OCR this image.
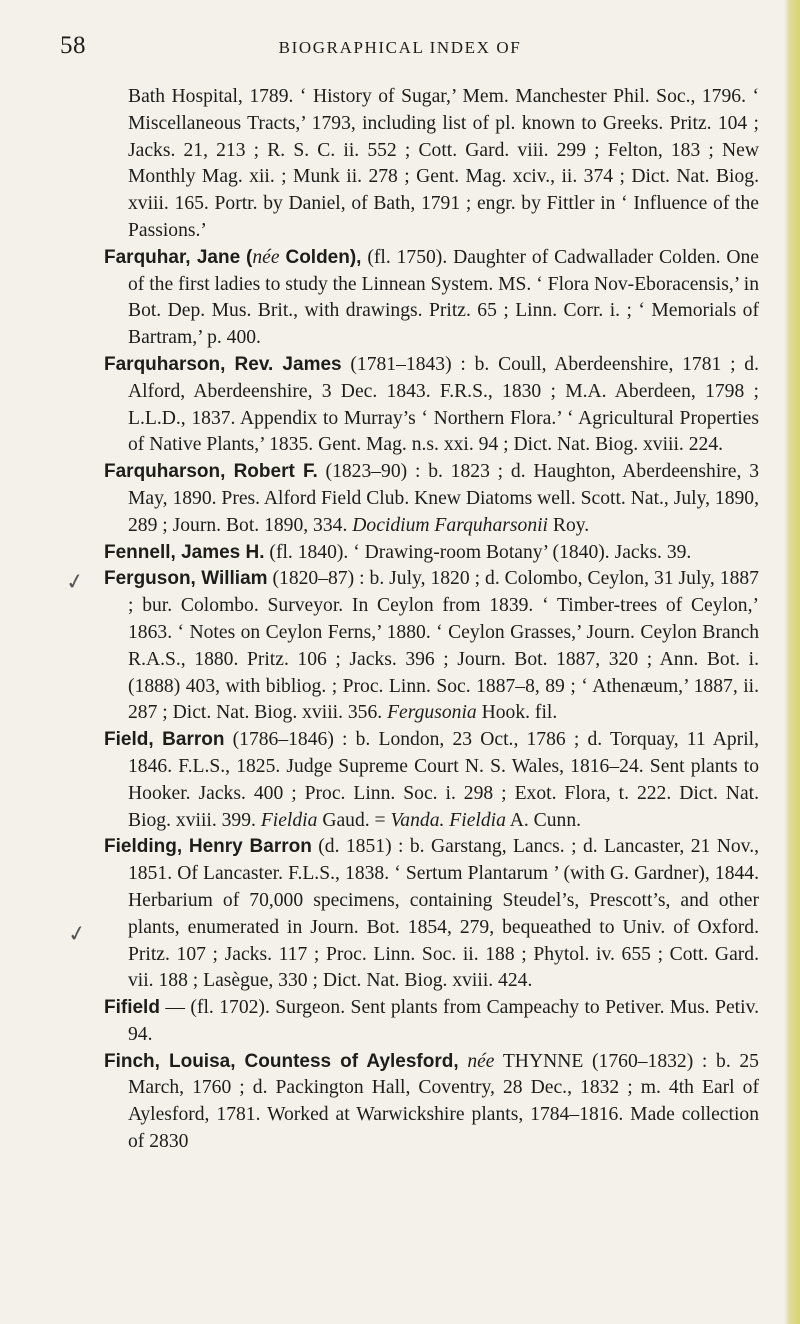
58	BIOGRAPHICAL INDEX OF
✓
✓
Bath Hospital, 1789. ‘ History of Sugar,’ Mem. Manchester Phil. Soc., 1796. ‘ Miscellaneous Tracts,’ 1793, including list of pl. known to Greeks. Pritz. 104 ; Jacks. 21, 213 ; R. S. C. ii. 552 ; Cott. Gard. viii. 299 ; Felton, 183 ; New Monthly Mag. xii. ; Munk ii. 278 ; Gent. Mag. xciv., ii. 374 ; Dict. Nat. Biog. xviii. 165. Portr. by Daniel, of Bath, 1791 ; engr. by Fittler in ‘ Influence of the Passions.’
Farquhar, Jane (née Colden), (fl. 1750). Daughter of Cadwallader Colden. One of the first ladies to study the Linnean System. MS. ‘ Flora Nov-Eboracensis,’ in Bot. Dep. Mus. Brit., with drawings. Pritz. 65 ; Linn. Corr. i. ; ‘ Memorials of Bartram,’ p. 400.
Farquharson, Rev. James (1781–1843) : b. Coull, Aberdeenshire, 1781 ; d. Alford, Aberdeenshire, 3 Dec. 1843. F.R.S., 1830 ; M.A. Aberdeen, 1798 ; L.L.D., 1837. Appendix to Murray’s ‘ Northern Flora.’ ‘ Agricultural Properties of Native Plants,’ 1835. Gent. Mag. n.s. xxi. 94 ; Dict. Nat. Biog. xviii. 224.
Farquharson, Robert F. (1823–90) : b. 1823 ; d. Haughton, Aberdeenshire, 3 May, 1890. Pres. Alford Field Club. Knew Diatoms well. Scott. Nat., July, 1890, 289 ; Journ. Bot. 1890, 334. Docidium Farquharsonii Roy.
Fennell, James H. (fl. 1840). ‘ Drawing-room Botany’ (1840). Jacks. 39.
Ferguson, William (1820–87) : b. July, 1820 ; d. Colombo, Ceylon, 31 July, 1887 ; bur. Colombo. Surveyor. In Ceylon from 1839. ‘ Timber-trees of Ceylon,’ 1863. ‘ Notes on Ceylon Ferns,’ 1880. ‘ Ceylon Grasses,’ Journ. Ceylon Branch R.A.S., 1880. Pritz. 106 ; Jacks. 396 ; Journ. Bot. 1887, 320 ; Ann. Bot. i. (1888) 403, with bibliog. ; Proc. Linn. Soc. 1887–8, 89 ; ‘ Athenæum,’ 1887, ii. 287 ; Dict. Nat. Biog. xviii. 356. Fergusonia Hook. fil.
Field, Barron (1786–1846) : b. London, 23 Oct., 1786 ; d. Torquay, 11 April, 1846. F.L.S., 1825. Judge Supreme Court N. S. Wales, 1816–24. Sent plants to Hooker. Jacks. 400 ; Proc. Linn. Soc. i. 298 ; Exot. Flora, t. 222. Dict. Nat. Biog. xviii. 399. Fieldia Gaud. = Vanda. Fieldia A. Cunn.
Fielding, Henry Barron (d. 1851) : b. Garstang, Lancs. ; d. Lancaster, 21 Nov., 1851. Of Lancaster. F.L.S., 1838. ‘ Sertum Plantarum ’ (with G. Gardner), 1844. Herbarium of 70,000 specimens, containing Steudel’s, Prescott’s, and other plants, enumerated in Journ. Bot. 1854, 279, bequeathed to Univ. of Oxford. Pritz. 107 ; Jacks. 117 ; Proc. Linn. Soc. ii. 188 ; Phytol. iv. 655 ; Cott. Gard. vii. 188 ; Lasègue, 330 ; Dict. Nat. Biog. xviii. 424.
Fifield — (fl. 1702). Surgeon. Sent plants from Campeachy to Petiver. Mus. Petiv. 94.
Finch, Louisa, Countess of Aylesford, née THYNNE (1760–1832) : b. 25 March, 1760 ; d. Packington Hall, Coventry, 28 Dec., 1832 ; m. 4th Earl of Aylesford, 1781. Worked at Warwickshire plants, 1784–1816. Made collection of 2830
